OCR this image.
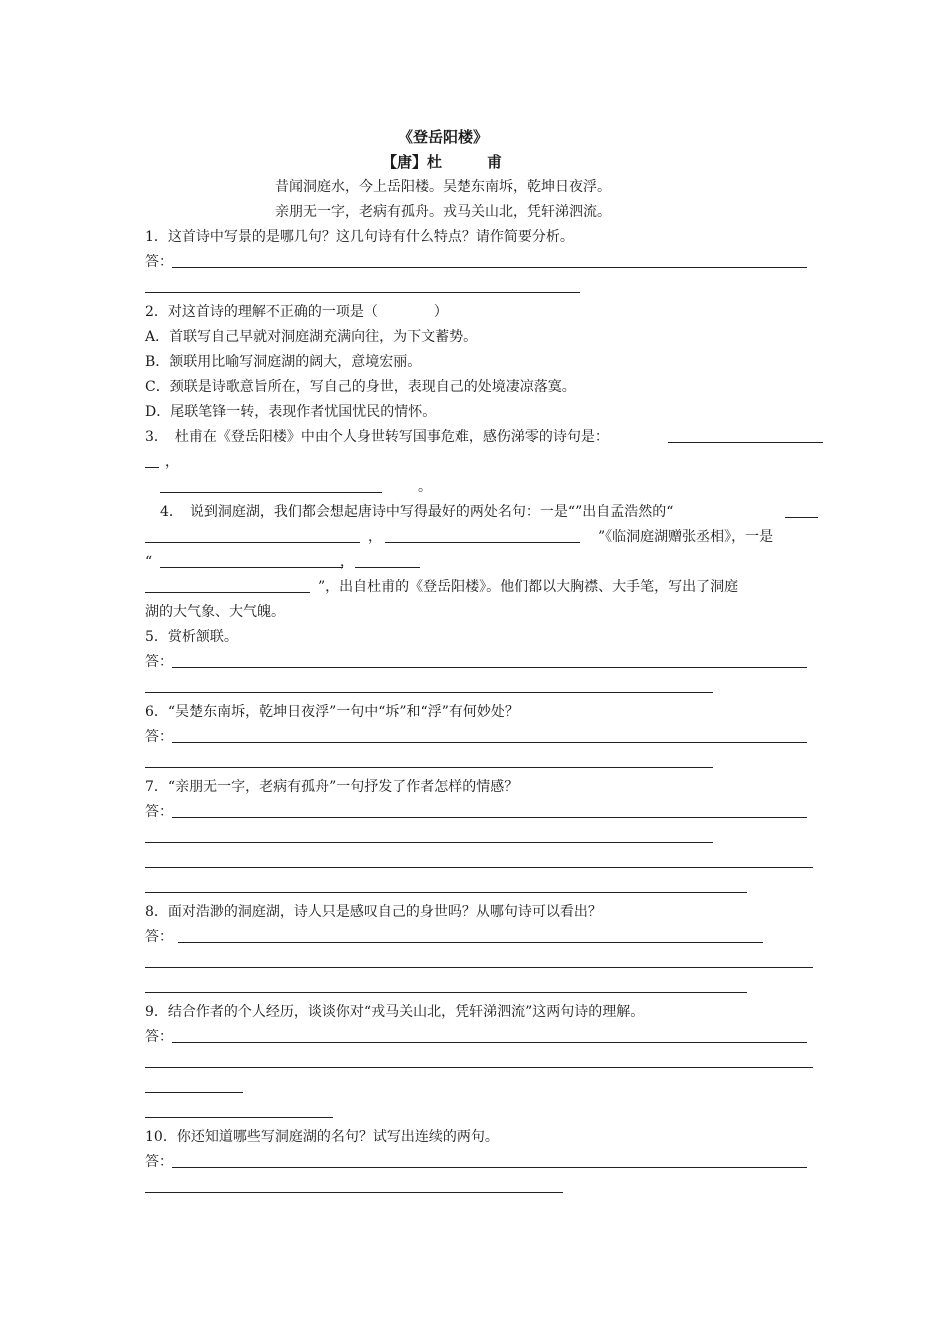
《登岳阳楼》
【唐】杜　　　甫
昔闻洞庭水，今上岳阳楼。吴楚东南坼，乾坤日夜浮。
亲朋无一字，老病有孤舟。戎马关山北，凭轩涕泗流。
1．这首诗中写景的是哪几句？这几句诗有什么特点？请作简要分析。
答：
2．对这首诗的理解不正确的一项是（　　　　）
A．首联写自己早就对洞庭湖充满向往，为下文蓄势。
B．颔联用比喻写洞庭湖的阔大，意境宏丽。
C．颈联是诗歌意旨所在，写自己的身世，表现自己的处境凄凉落寞。
D．尾联笔锋一转，表现作者忧国忧民的情怀。
3．　杜甫在《登岳阳楼》中由个人身世转写国事危难，感伤涕零的诗句是：
，
。
4．　说到洞庭湖，我们都会想起唐诗中写得最好的两处名句：一是“”出自孟浩然的“
，	”《临洞庭湖赠张丞相》，一是
“	，
”，出自杜甫的《登岳阳楼》。他们都以大胸襟、大手笔，写出了洞庭
湖的大气象、大气魄。
5．赏析颔联。
答：
6．“吴楚东南坼，乾坤日夜浮”一句中“坼”和“浮”有何妙处？
答：
7．“亲朋无一字，老病有孤舟”一句抒发了作者怎样的情感？
答：
8．面对浩渺的洞庭湖，诗人只是感叹自己的身世吗？从哪句诗可以看出？
答：
9．结合作者的个人经历，谈谈你对“戎马关山北，凭轩涕泗流”这两句诗的理解。
答：
10．你还知道哪些写洞庭湖的名句？试写出连续的两句。
答：
